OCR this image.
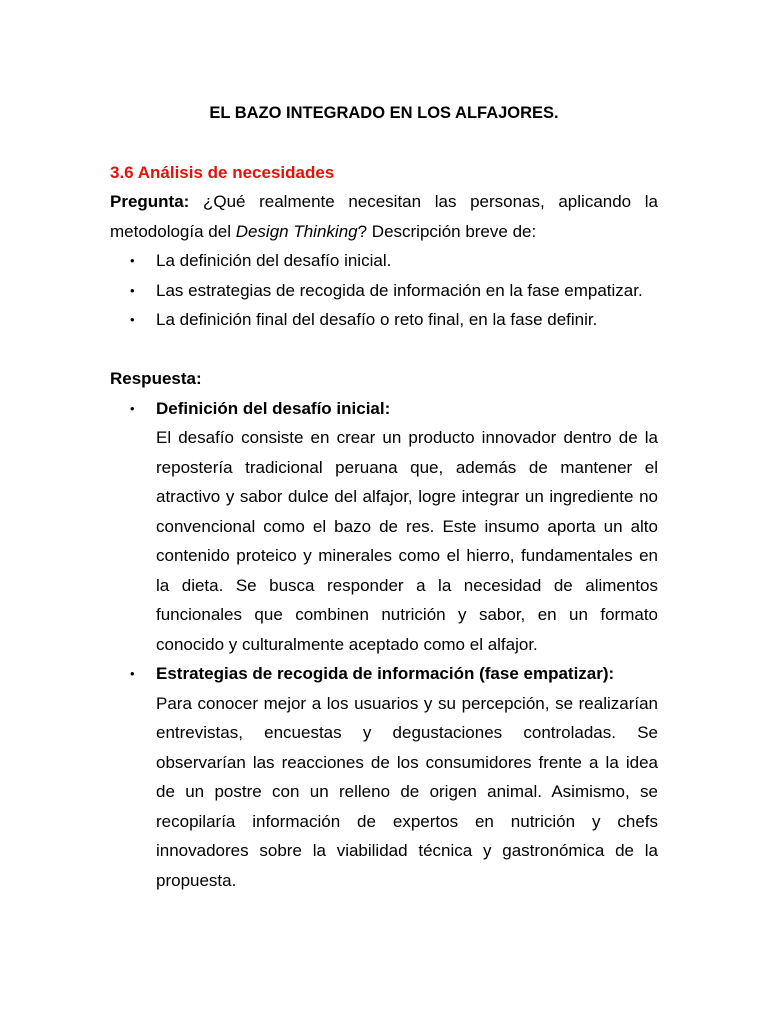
EL BAZO INTEGRADO EN LOS ALFAJORES.

3.6 Análisis de necesidades

Pregunta: ¿Qué realmente necesitan las personas, aplicando la metodología del Design Thinking? Descripción breve de:

• La definición del desafío inicial.
• Las estrategias de recogida de información en la fase empatizar.
• La definición final del desafío o reto final, en la fase definir.

Respuesta:

• Definición del desafío inicial:
El desafío consiste en crear un producto innovador dentro de la repostería tradicional peruana que, además de mantener el atractivo y sabor dulce del alfajor, logre integrar un ingrediente no convencional como el bazo de res. Este insumo aporta un alto contenido proteico y minerales como el hierro, fundamentales en la dieta. Se busca responder a la necesidad de alimentos funcionales que combinen nutrición y sabor, en un formato conocido y culturalmente aceptado como el alfajor.
• Estrategias de recogida de información (fase empatizar):
Para conocer mejor a los usuarios y su percepción, se realizarían entrevistas, encuestas y degustaciones controladas. Se observarían las reacciones de los consumidores frente a la idea de un postre con un relleno de origen animal. Asimismo, se recopilaría información de expertos en nutrición y chefs innovadores sobre la viabilidad técnica y gastronómica de la propuesta.
